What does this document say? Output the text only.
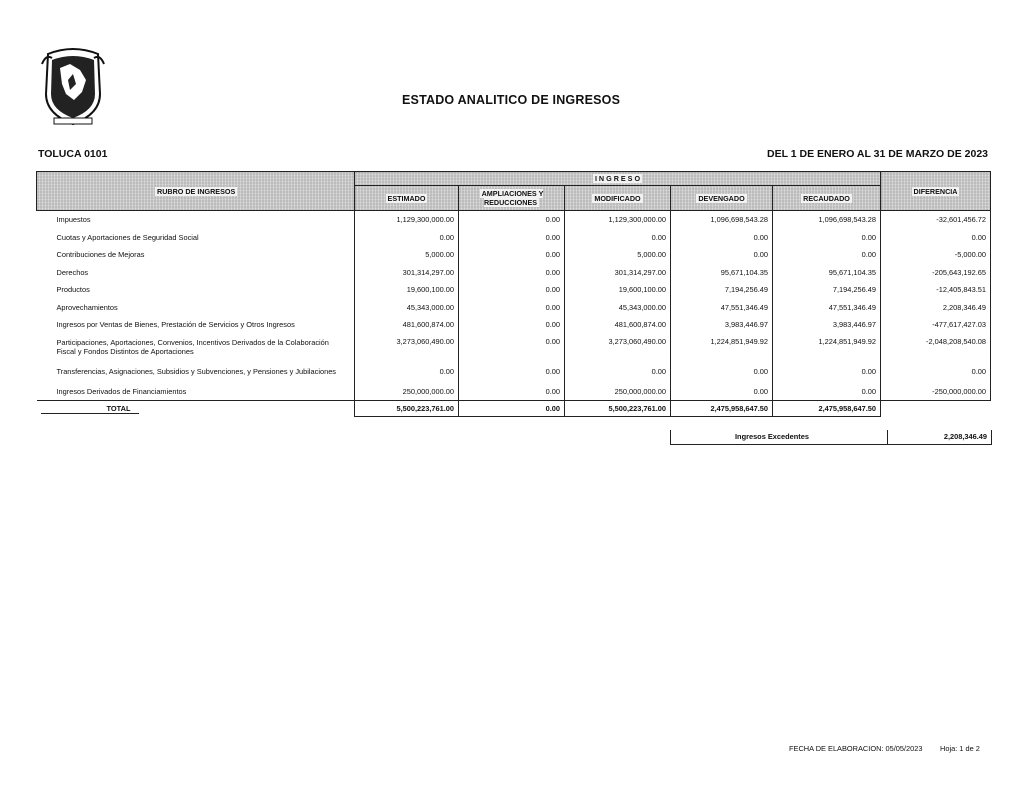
ESTADO ANALITICO DE INGRESOS
TOLUCA 0101	DEL 1 DE ENERO AL 31 DE MARZO DE 2023
RUBRO DE INGRESOS	I N G R E S O					DIFERENCIA
	ESTIMADO	AMPLIACIONES Y REDUCCIONES	MODIFICADO	DEVENGADO	RECAUDADO	
Impuestos	1,129,300,000.00	0.00	1,129,300,000.00	1,096,698,543.28	1,096,698,543.28	-32,601,456.72
Cuotas y Aportaciones de Seguridad Social	0.00	0.00	0.00	0.00	0.00	0.00
Contribuciones de Mejoras	5,000.00	0.00	5,000.00	0.00	0.00	-5,000.00
Derechos	301,314,297.00	0.00	301,314,297.00	95,671,104.35	95,671,104.35	-205,643,192.65
Productos	19,600,100.00	0.00	19,600,100.00	7,194,256.49	7,194,256.49	-12,405,843.51
Aprovechamientos	45,343,000.00	0.00	45,343,000.00	47,551,346.49	47,551,346.49	2,208,346.49
Ingresos por Ventas de Bienes, Prestación de Servicios y Otros Ingresos	481,600,874.00	0.00	481,600,874.00	3,983,446.97	3,983,446.97	-477,617,427.03
Participaciones, Aportaciones, Convenios, Incentivos Derivados de la Colaboración Fiscal y Fondos Distintos de Aportaciones	3,273,060,490.00	0.00	3,273,060,490.00	1,224,851,949.92	1,224,851,949.92	-2,048,208,540.08
Transferencias, Asignaciones, Subsidios y Subvenciones, y Pensiones y Jubilaciones	0.00	0.00	0.00	0.00	0.00	0.00
Ingresos Derivados de Financiamientos	250,000,000.00	0.00	250,000,000.00	0.00	0.00	-250,000,000.00
TOTAL	5,500,223,761.00	0.00	5,500,223,761.00	2,475,958,647.50	2,475,958,647.50	
Ingresos Excedentes	2,208,346.49
FECHA DE ELABORACION: 05/05/2023 Hoja: 1 de 2
